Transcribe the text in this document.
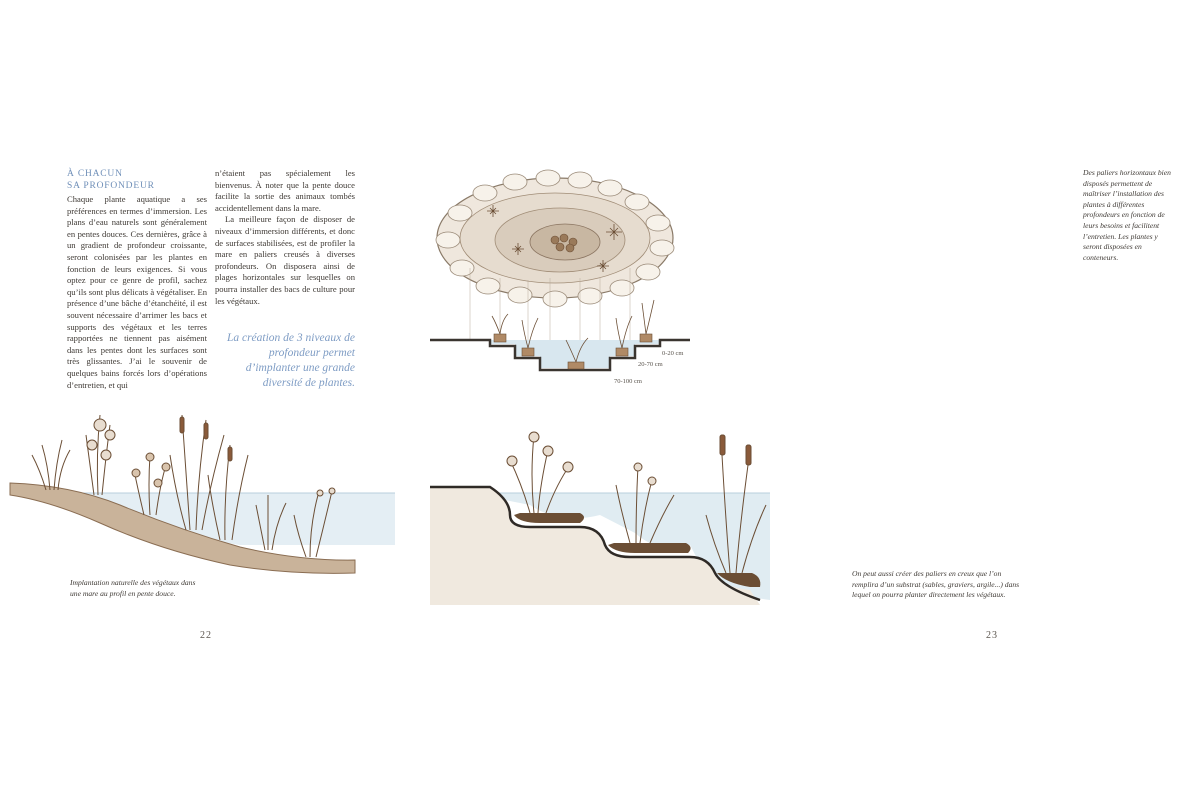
À CHACUN
SA PROFONDEUR

Chaque plante aquatique a ses préférences en termes d’immersion. Les plans d’eau naturels sont généralement en pentes douces. Ces dernières, grâce à un gradient de profondeur croissante, seront colonisées par les plantes en fonction de leurs exigences. Si vous optez pour ce genre de profil, sachez qu’ils sont plus délicats à végétaliser. En présence d’une bâche d’étanchéité, il est souvent nécessaire d’arrimer les bacs et supports des végétaux et les terres rapportées ne tiennent pas aisément dans les pentes dont les surfaces sont très glissantes. J’ai le souvenir de quelques bains forcés lors d’opérations d’entretien, et qui

n’étaient pas spécialement les bienvenus. À noter que la pente douce facilite la sortie des animaux tombés accidentellement dans la mare.

La meilleure façon de disposer de niveaux d’immersion différents, et donc de surfaces stabilisées, est de profiler la mare en paliers creusés à diverses profondeurs. On disposera ainsi de plages horizontales sur lesquelles on pourra installer des bacs de culture pour les végétaux.

La création de 3 niveaux de profondeur permet d’implanter une grande diversité de plantes.
Implantation naturelle des végétaux dans une mare au profil en pente douce.
22
0-20 cm
20-70 cm
70-100 cm
Des paliers horizontaux bien disposés permettent de maîtriser l’installation des plantes à différentes profondeurs en fonction de leurs besoins et facilitent l’entretien. Les plantes y seront disposées en conteneurs.
On peut aussi créer des paliers en creux que l’on remplira d’un substrat (sables, graviers, argile...) dans lequel on pourra planter directement les végétaux.
23
